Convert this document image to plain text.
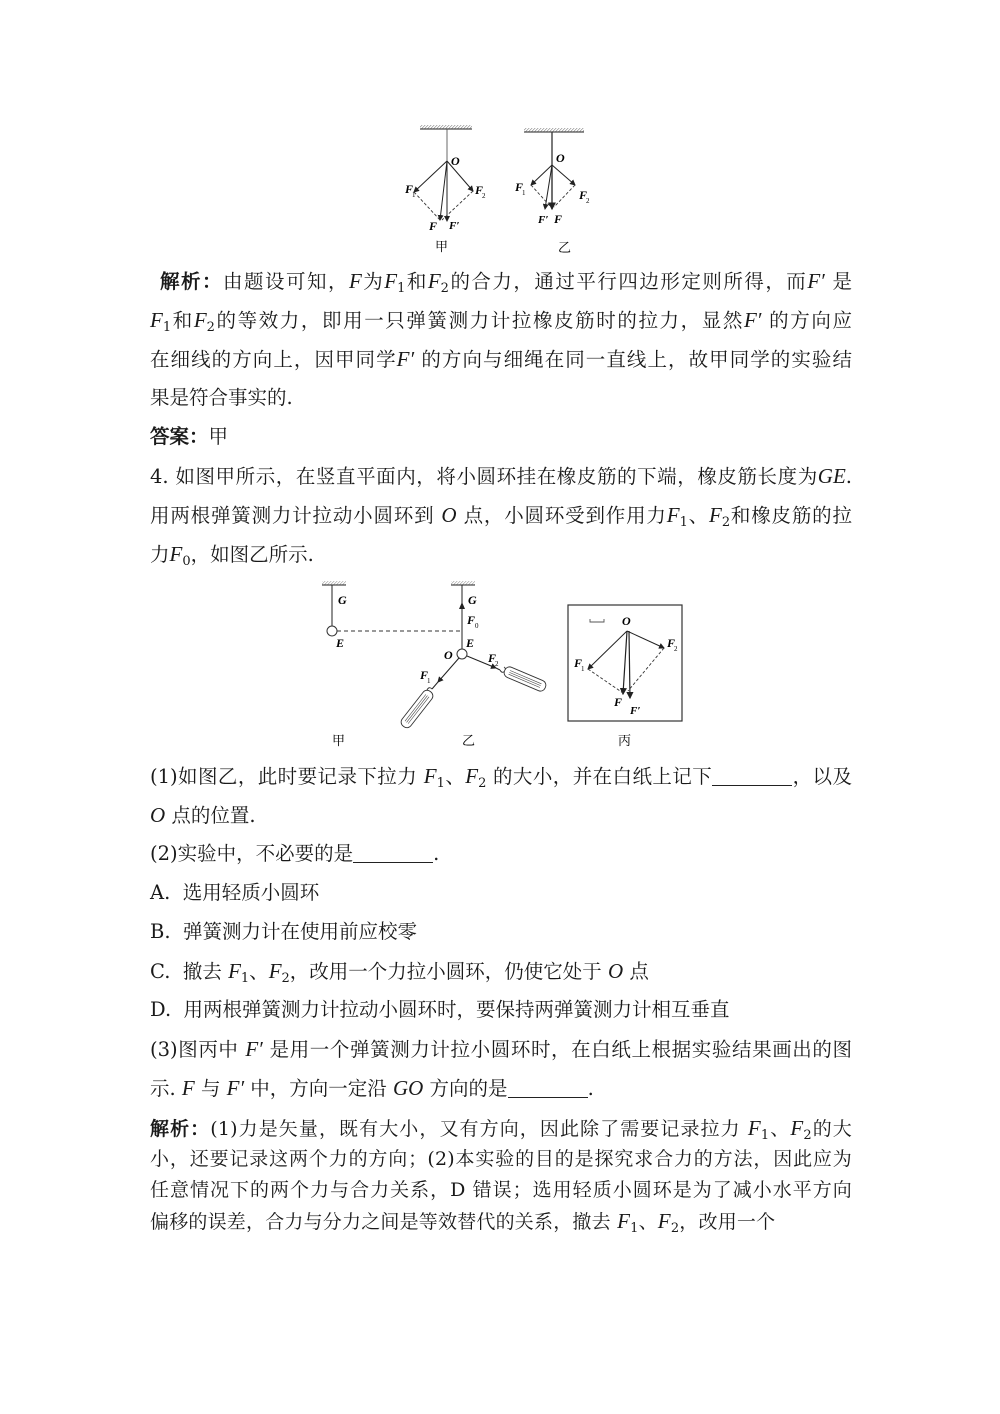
O
F
1	F
2
F F′
甲
O
F
1	F
2
F′ F
乙
解析：由题设可知，F为$F_1$和$F_2$的合力，通过平行四边形定则所得，而F′ 是
$F_1$和$F_2$的等效力，即用一只弹簧测力计拉橡皮筋时的拉力，显然F′ 的方向应
在细线的方向上，因甲同学F′ 的方向与细绳在同一直线上，故甲同学的实验结
果是符合事实的.
答案：甲
4. 如图甲所示，在竖直平面内，将小圆环挂在橡皮筋的下端，橡皮筋长度为GE.
用两根弹簧测力计拉动小圆环到 O 点，小圆环受到作用力$F_1$、$F_2$和橡皮筋的拉
力$F_0$，如图乙所示.
G
E
甲
G
F 0
E
O
F
1
F
2
乙
O
F
1
F
2
F
F′
丙
(1)如图乙，此时要记录下拉力 $F_1$、$F_2$ 的大小，并在白纸上记下	，以及
O 点的位置.
(2)实验中，不必要的是	.
A. 选用轻质小圆环
B. 弹簧测力计在使用前应校零
C. 撤去 $F_1$、$F_2$，改用一个力拉小圆环，仍使它处于 O 点
D. 用两根弹簧测力计拉动小圆环时，要保持两弹簧测力计相互垂直
(3)图丙中 F′ 是用一个弹簧测力计拉小圆环时，在白纸上根据实验结果画出的图
示. F 与 F′ 中，方向一定沿 GO 方向的是	.
解析：(1)力是矢量，既有大小，又有方向，因此除了需要记录拉力 $F_1$、$F_2$的大
小，还要记录这两个力的方向；(2)本实验的目的是探究求合力的方法，因此应为
任意情况下的两个力与合力关系，D 错误；选用轻质小圆环是为了减小水平方向
偏移的误差，合力与分力之间是等效替代的关系，撤去 $F_1$、$F_2$，改用一个
